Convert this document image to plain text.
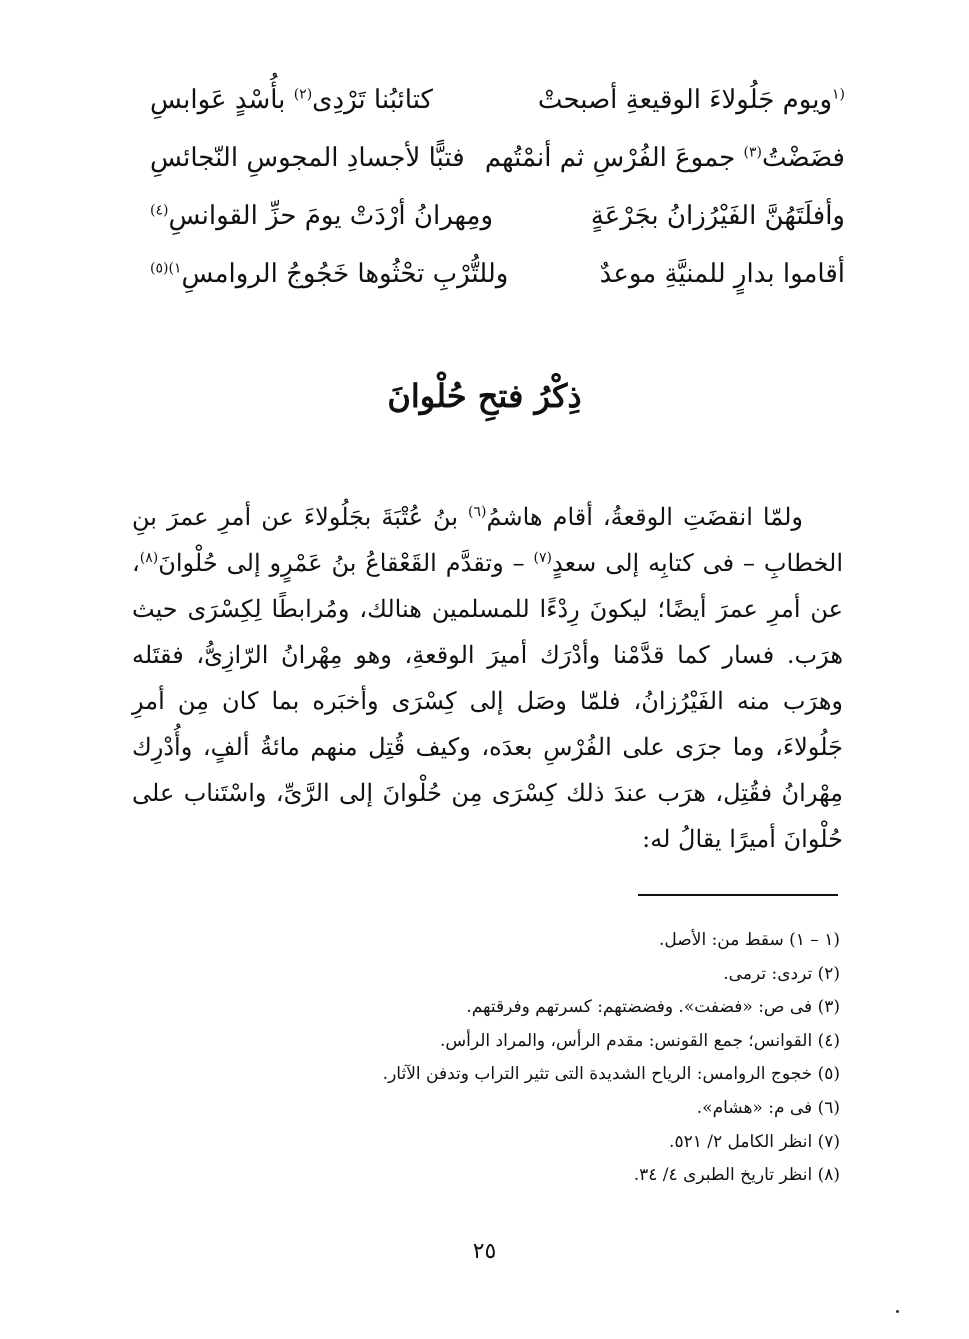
$^{(١}$ويوم جَلُولاءَ الوقيعةِ أصبحتْ
كتائبُنا تَرْدِى$^{(٢)}$ بأُسْدٍ عَوابسِ
فضَضْتُ$^{(٣)}$ جموعَ الفُرْسِ ثم أنمْتُهم
فتبًّا لأجسادِ المجوسِ النّجائسِ
وأفلَتَهُنَّ الفَيْرُزانُ بجَرْعَةٍ
ومِهرانُ أرْدَتْ يومَ حزِّ القوانسِ$^{(٤)}$
أقاموا بدارٍ للمنيَّةِ موعدٌ
وللتُّرْبِ تحْثُوها خَجُوجُ الروامسِ$^{١)(٥)}$
ذِكْرُ فتحِ حُلْوانَ

ولمّا انقضَتِ الوقعةُ، أقام هاشمُ$^{(٦)}$ بنُ عُتْبَةَ بجَلُولاءَ عن أمرِ عمرَ بنِ الخطابِ – فى كتابِه إلى سعدٍ$^{(٧)}$ – وتقدَّم القَعْقاعُ بنُ عَمْرٍو إلى حُلْوانَ$^{(٨)}$، عن أمرِ عمرَ أيضًا؛ ليكونَ رِدْءًا للمسلمين هنالك، ومُرابطًا لِكِسْرَى حيث هرَب. فسار كما قدَّمْنا وأدْرَك أميرَ الوقعةِ، وهو مِهْرانُ الرّازِىُّ، فقتَله وهرَب منه الفَيْرُزانُ، فلمّا وصَل إلى كِسْرَى وأخبَره بما كان مِن أمرِ جَلُولاءَ، وما جرَى على الفُرْسِ بعدَه، وكيف قُتِل منهم مائةُ ألفٍ، وأُدْرِك مِهْرانُ فقُتِل، هرَب عندَ ذلك كِسْرَى مِن حُلْوانَ إلى الرَّىِّ، واسْتَناب على حُلْوانَ أميرًا يقالُ له:

(١ – ١) سقط من: الأصل.
(٢) تردى: ترمى.
(٣) فى ص: «فضفت». وفضضتهم: كسرتهم وفرقتهم.
(٤) القوانس؛ جمع القونس: مقدم الرأس، والمراد الرأس.
(٥) خجوج الروامس: الرياح الشديدة التى تثير التراب وتدفن الآثار.
(٦) فى م: «هشام».
(٧) انظر الكامل ٢/ ٥٢١.
(٨) انظر تاريخ الطبرى ٤/ ٣٤.
٢٥
